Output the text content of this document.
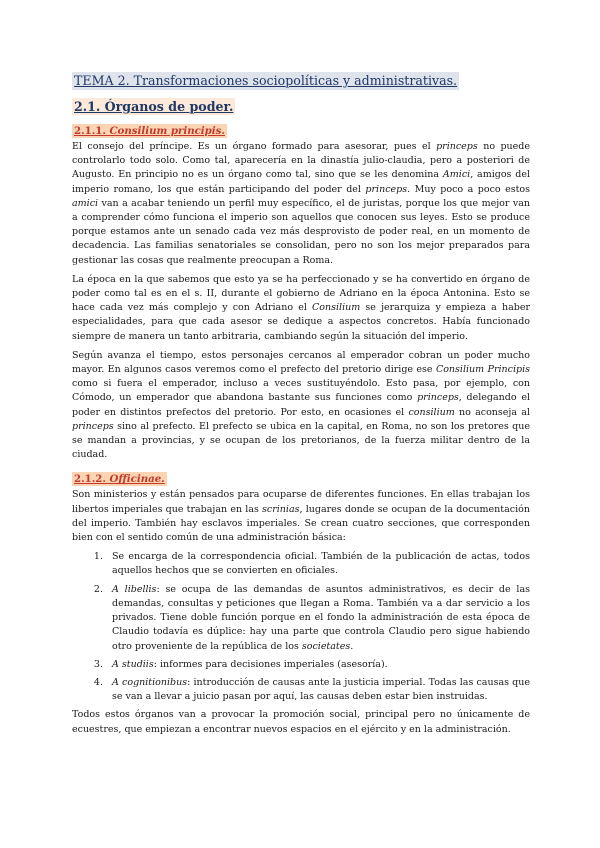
TEMA 2. Transformaciones sociopolíticas y administrativas.
2.1. Órganos de poder.
2.1.1. Consilium principis.

El consejo del príncipe. Es un órgano formado para asesorar, pues el princeps no puede controlarlo todo solo. Como tal, aparecería en la dinastía julio-claudia, pero a posteriori de Augusto. En principio no es un órgano como tal, sino que se les denomina Amici, amigos del imperio romano, los que están participando del poder del princeps. Muy poco a poco estos amici van a acabar teniendo un perfil muy específico, el de juristas, porque los que mejor van a comprender cómo funciona el imperio son aquellos que conocen sus leyes. Esto se produce porque estamos ante un senado cada vez más desprovisto de poder real, en un momento de decadencia. Las familias senatoriales se consolidan, pero no son los mejor preparados para gestionar las cosas que realmente preocupan a Roma.

La época en la que sabemos que esto ya se ha perfeccionado y se ha convertido en órgano de poder como tal es en el s. II, durante el gobierno de Adriano en la época Antonina. Esto se hace cada vez más complejo y con Adriano el Consilium se jerarquiza y empieza a haber especialidades, para que cada asesor se dedique a aspectos concretos. Había funcionado siempre de manera un tanto arbitraria, cambiando según la situación del imperio.

Según avanza el tiempo, estos personajes cercanos al emperador cobran un poder mucho mayor. En algunos casos veremos como el prefecto del pretorio dirige ese Consilium Principis como si fuera el emperador, incluso a veces sustituyéndolo. Esto pasa, por ejemplo, con Cómodo, un emperador que abandona bastante sus funciones como princeps, delegando el poder en distintos prefectos del pretorio. Por esto, en ocasiones el consilium no aconseja al princeps sino al prefecto. El prefecto se ubica en la capital, en Roma, no son los pretores que se mandan a provincias, y se ocupan de los pretorianos, de la fuerza militar dentro de la ciudad.

2.1.2. Officinae.

Son ministerios y están pensados para ocuparse de diferentes funciones. En ellas trabajan los libertos imperiales que trabajan en las scrinias, lugares donde se ocupan de la documentación del imperio. También hay esclavos imperiales. Se crean cuatro secciones, que corresponden bien con el sentido común de una administración básica:

1. Se encarga de la correspondencia oficial. También de la publicación de actas, todos aquellos hechos que se convierten en oficiales.
2. A libellis: se ocupa de las demandas de asuntos administrativos, es decir de las demandas, consultas y peticiones que llegan a Roma. También va a dar servicio a los privados. Tiene doble función porque en el fondo la administración de esta época de Claudio todavía es dúplice: hay una parte que controla Claudio pero sigue habiendo otro proveniente de la república de los societates.
3. A studiis: informes para decisiones imperiales (asesoría).
4. A cognitionibus: introducción de causas ante la justicia imperial. Todas las causas que se van a llevar a juicio pasan por aquí, las causas deben estar bien instruidas.

Todos estos órganos van a provocar la promoción social, principal pero no únicamente de ecuestres, que empiezan a encontrar nuevos espacios en el ejército y en la administración.
